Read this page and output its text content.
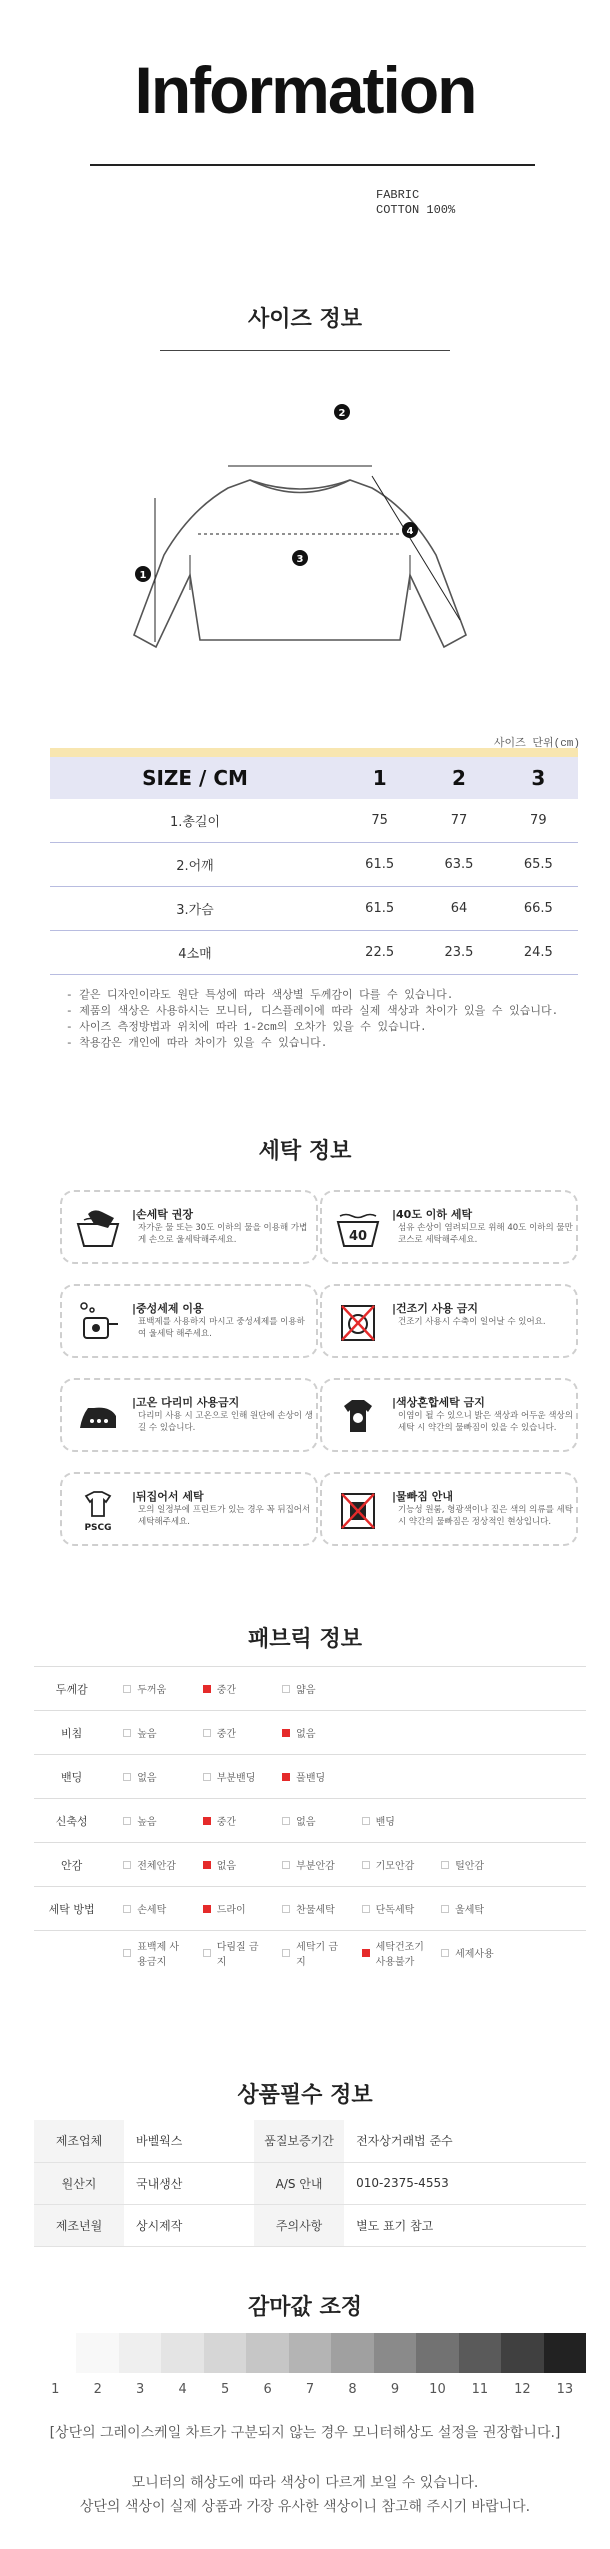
Information
FABRIC
COTTON 100%
사이즈 정보
1
2
3
4
사이즈 단위(cm)
SIZE / CM	1	2	3
1.총길이	75	77	79
2.어깨	61.5	63.5	65.5
3.가슴	61.5	64	66.5
4소매	22.5	23.5	24.5
- 같은 디자인이라도 원단 특성에 따라 색상별 두께감이 다를 수 있습니다.
- 제품의 색상은 사용하시는 모니터, 디스플레이에 따라 실제 색상과 차이가 있을 수 있습니다.
- 사이즈 측정방법과 위치에 따라 1-2cm의 오차가 있을 수 있습니다.
- 착용감은 개인에 따라 차이가 있을 수 있습니다.
세탁 정보
|손세탁 권장
자가운 물 또는 30도 이하의 물을 이용해 가볍게 손으로 울세탁해주세요.	40
|40도 이하 세탁
섬유 손상이 염려되므로 위해 40도 이하의 물만 코스로 세탁해주세요.
|중성세제 이용
표백제를 사용하지 마시고 중성세제를 이용하여 울세탁 해주세요.
|건조기 사용 금지
건조기 사용시 수축이 일어날 수 있어요.
|고온 다리미 사용금지
다리미 사용 시 고온으로 인해 원단에 손상이 생길 수 있습니다.
|색상혼합세탁 금지
이염이 될 수 있으니 밝은 색상과 어두운 색상의 세탁 시 약간의 물빠짐이 있을 수 있습니다.
PSCG
|뒤집어서 세탁
모의 일정부에 프린트가 있는 경우 꼭 뒤집어서 세탁해주세요.
|물빠짐 안내
기능성 원룸, 형광색이나 짙은 색의 의류를 세탁 시 약간의 물빠짐은 정상적인 현상입니다.
패브릭 정보
두께감	두꺼움	중간	얇음			

비침	높음	중간	없음			

밴딩	없음	부분밴딩	풀밴딩			

신축성	높음	중간	없음	밴딩		

안감	전체안감	없음	부분안감	기모안감	털안감	

세탁 방법	손세탁	드라이	찬물세탁	단독세탁	울세탁	

	표백제 사용금지	다림질 금지	세탁기 금지	세탁건조기 사용불가	세제사용	

상품필수 정보
제조업체	바벨웍스	품질보증기간	전자상거래법 준수
원산지	국내생산	A/S 안내	010-2375-4553
제조년월	상시제작	주의사항	별도 표기 참고
감마값 조정
1	2	3	4	5	6	7	8	9	10	11	12	13
[상단의 그레이스케일 차트가 구분되지 않는 경우 모니터해상도 설정을 권장합니다.]
모니터의 해상도에 따라 색상이 다르게 보일 수 있습니다.
상단의 색상이 실제 상품과 가장 유사한 색상이니 참고해 주시기 바랍니다.
